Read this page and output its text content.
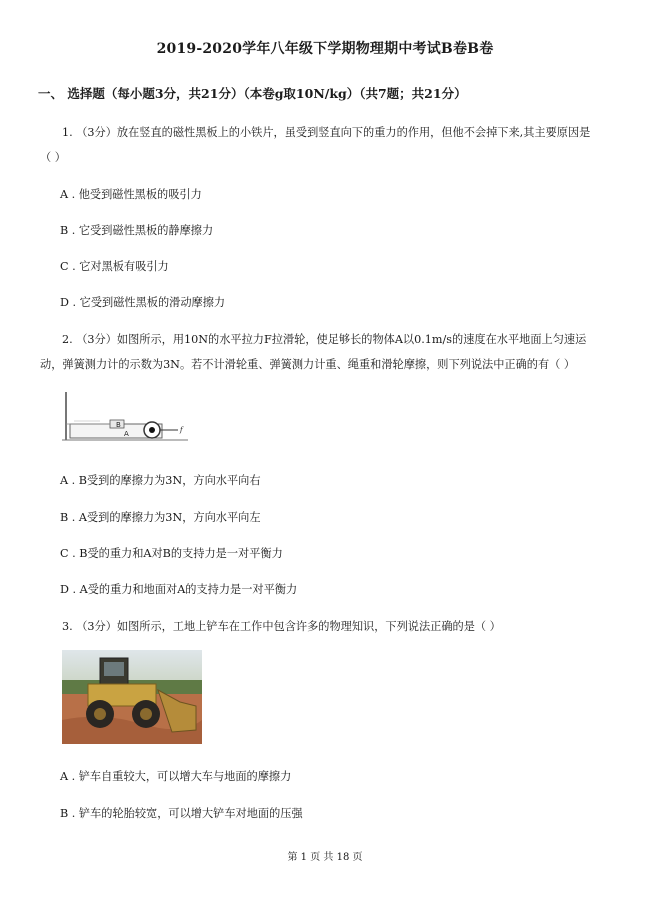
2019-2020学年八年级下学期物理期中考试B卷B卷
一、 选择题（每小题3分，共21分）（本卷g取10N/kg）（共7题；共21分）
1. （3分）放在竖直的磁性黑板上的小铁片，虽受到竖直向下的重力的作用，但他不会掉下来,其主要原因是
（ ）
A . 他受到磁性黑板的吸引力
B . 它受到磁性黑板的静摩擦力
C . 它对黑板有吸引力
D . 它受到磁性黑板的滑动摩擦力
2. （3分）如图所示，用10N的水平拉力F拉滑轮，使足够长的物体A以0.1m/s的速度在水平地面上匀速运
动，弹簧测力计的示数为3N。若不计滑轮重、弹簧测力计重、绳重和滑轮摩擦，则下列说法中正确的有（ ）
B
A	f
A . B受到的摩擦力为3N，方向水平向右
B . A受到的摩擦力为3N，方向水平向左
C . B受的重力和A对B的支持力是一对平衡力
D . A受的重力和地面对A的支持力是一对平衡力
3. （3分）如图所示，工地上铲车在工作中包含许多的物理知识，下列说法正确的是（ ）
A . 铲车自重较大，可以增大车与地面的摩擦力
B . 铲车的轮胎较宽，可以增大铲车对地面的压强
第 1 页 共 18 页
